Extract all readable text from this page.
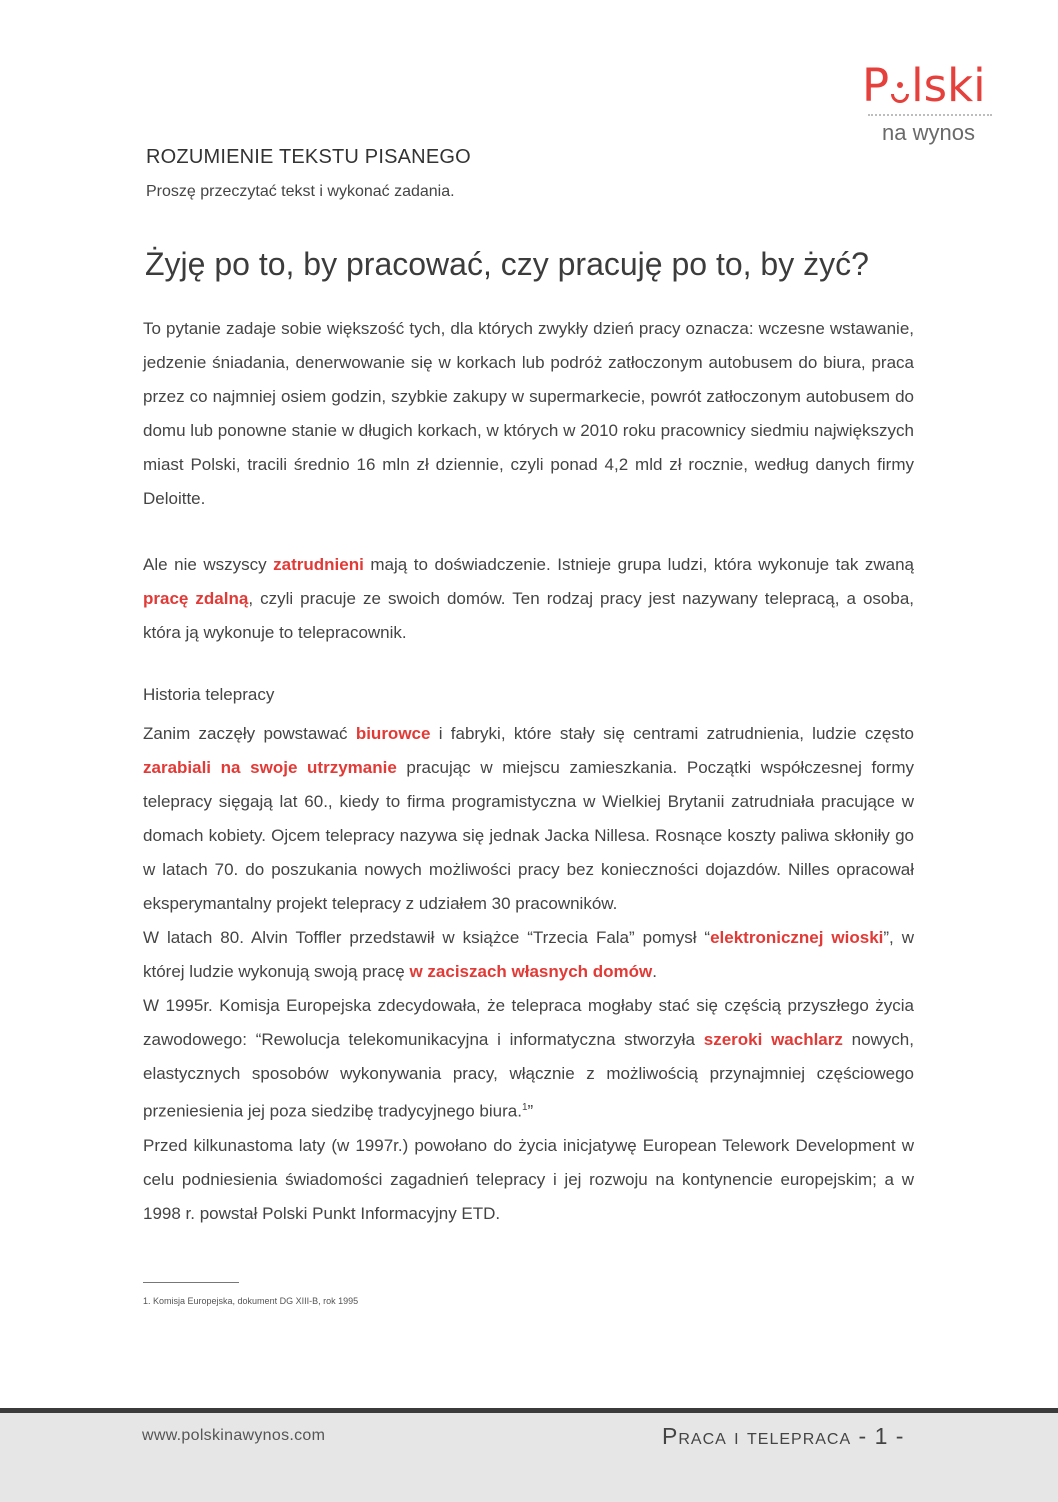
P lski
na wynos
ROZUMIENIE TEKSTU PISANEGO
Proszę przeczytać tekst i wykonać zadania.
Żyję po to, by pracować, czy pracuję po to, by żyć?

To pytanie zadaje sobie większość tych, dla których zwykły dzień pracy oznacza: wczesne wstawanie, jedzenie śniadania, denerwowanie się w korkach lub podróż zatłoczonym autobusem do biura, praca przez co najmniej osiem godzin, szybkie zakupy w supermarkecie, powrót zatłoczonym autobusem do domu lub ponowne stanie w długich korkach, w których w 2010 roku pracownicy siedmiu największych miast Polski, tracili średnio 16 mln zł dziennie, czyli ponad 4,2 mld zł rocznie, według danych firmy Deloitte.

Ale nie wszyscy zatrudnieni mają to doświadczenie. Istnieje grupa ludzi, która wykonuje tak zwaną pracę zdalną, czyli pracuje ze swoich domów. Ten rodzaj pracy jest nazywany telepracą, a osoba, która ją wykonuje to telepracownik.

Historia telepracy

Zanim zaczęły powstawać biurowce i fabryki, które stały się centrami zatrudnienia, ludzie często zarabiali na swoje utrzymanie pracując w miejscu zamieszkania. Początki współczesnej formy telepracy sięgają lat 60., kiedy to firma programistyczna w Wielkiej Brytanii zatrudniała pracujące w domach kobiety. Ojcem telepracy nazywa się jednak Jacka Nillesa. Rosnące koszty paliwa skłoniły go w latach 70. do poszukania nowych możliwości pracy bez konieczności dojazdów. Nilles opracował eksperymantalny projekt telepracy z udziałem 30 pracowników.
W latach 80. Alvin Toffler przedstawił w książce “Trzecia Fala” pomysł “elektronicznej wioski”, w której ludzie wykonują swoją pracę w zaciszach własnych domów.
W 1995r. Komisja Europejska zdecydowała, że telepraca mogłaby stać się częścią przyszłego życia zawodowego: “Rewolucja telekomunikacyjna i informatyczna stworzyła szeroki wachlarz nowych, elastycznych sposobów wykonywania pracy, włącznie z możliwością przynajmniej częściowego przeniesienia jej poza siedzibę tradycyjnego biura.$^1$”
Przed kilkunastoma laty (w 1997r.) powołano do życia inicjatywę European Telework Development w celu podniesienia świadomości zagadnień telepracy i jej rozwoju na kontynencie europejskim; a w 1998 r. powstał Polski Punkt Informacyjny ETD.

1. Komisja Europejska, dokument DG XIII-B, rok 1995
www.polskinawynos.com	Praca i telepraca - 1 -
